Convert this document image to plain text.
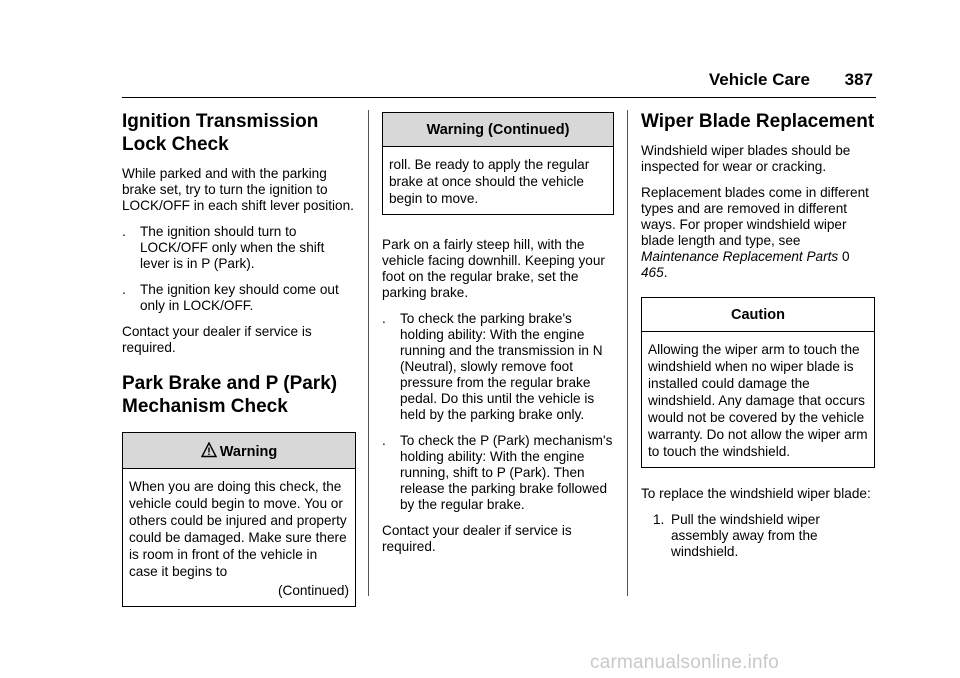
Vehicle Care 387
Ignition Transmission Lock Check

While parked and with the parking brake set, try to turn the ignition to LOCK/OFF in each shift lever position.

. The ignition should turn to LOCK/OFF only when the shift lever is in P (Park).
. The ignition key should come out only in LOCK/OFF.

Contact your dealer if service is required.

Park Brake and P (Park) Mechanism Check
Warning

When you are doing this check, the vehicle could begin to move. You or others could be injured and property could be damaged. Make sure there is room in front of the vehicle in case it begins to

(Continued)
Warning (Continued)

roll. Be ready to apply the regular brake at once should the vehicle begin to move.

Park on a fairly steep hill, with the vehicle facing downhill. Keeping your foot on the regular brake, set the parking brake.

. To check the parking brake's holding ability: With the engine running and the transmission in N (Neutral), slowly remove foot pressure from the regular brake pedal. Do this until the vehicle is held by the parking brake only.
. To check the P (Park) mechanism's holding ability: With the engine running, shift to P (Park). Then release the parking brake followed by the regular brake.

Contact your dealer if service is required.

Wiper Blade Replacement

Windshield wiper blades should be inspected for wear or cracking.

Replacement blades come in different types and are removed in different ways. For proper windshield wiper blade length and type, see Maintenance Replacement Parts 0 465.

Caution

Allowing the wiper arm to touch the windshield when no wiper blade is installed could damage the windshield. Any damage that occurs would not be covered by the vehicle warranty. Do not allow the wiper arm to touch the windshield.

To replace the windshield wiper blade:

1. Pull the windshield wiper assembly away from the windshield.
carmanualsonline.info
